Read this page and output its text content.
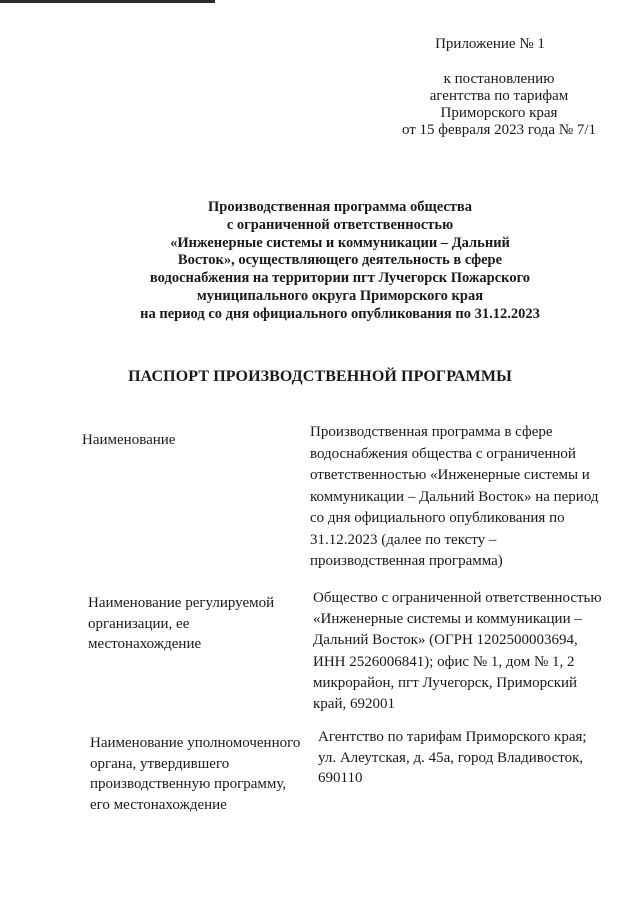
Приложение № 1
к постановлению
агентства по тарифам
Приморского края
от 15 февраля 2023 года № 7/1
Производственная программа общества
с ограниченной ответственностью
«Инженерные системы и коммуникации – Дальний
Восток», осуществляющего деятельность в сфере
водоснабжения на территории пгт Лучегорск Пожарского
муниципального округа Приморского края
на период со дня официального опубликования по 31.12.2023
ПАСПОРТ ПРОИЗВОДСТВЕННОЙ ПРОГРАММЫ
Наименование	Производственная программа в сфере
водоснабжения общества с ограниченной
ответственностью «Инженерные системы и
коммуникации – Дальний Восток» на период
со дня официального опубликования по
31.12.2023 (далее по тексту –
производственная программа)
Наименование регулируемой
организации, ее
местонахождение
Общество с ограниченной ответственностью
«Инженерные системы и коммуникации –
Дальний Восток» (ОГРН 1202500003694,
ИНН 2526006841); офис № 1, дом № 1, 2
микрорайон, пгт Лучегорск, Приморский
край, 692001
Наименование уполномоченного
органа, утвердившего
производственную программу,
его местонахождение
Агентство по тарифам Приморского края;
ул. Алеутская, д. 45а, город Владивосток,
690110
